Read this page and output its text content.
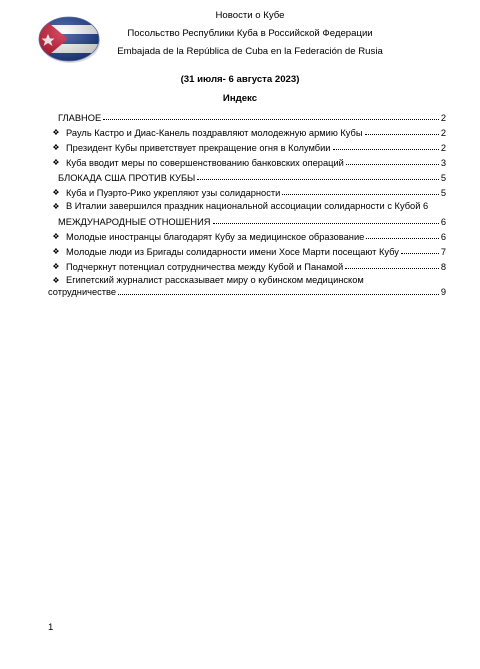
Новости о Кубе
Посольство Республики Куба в Российской Федерации
Embajada de la República de Cuba en la Federación de Rusia
(31 июля- 6 августа 2023)
Индекс
ГЛАВНОЕ	2
❖ Рауль Кастро и Диас-Канель поздравляют молодежную армию Кубы	2
❖ Президент Кубы приветствует прекращение огня в Колумбии	2
❖ Куба вводит меры по совершенствованию банковских операций	3
БЛОКАДА США ПРОТИВ КУБЫ	5
❖ Куба и Пуэрто-Рико укрепляют узы солидарности	5
❖ В Италии завершился праздник национальной ассоциации солидарности с Кубой 6
МЕЖДУНАРОДНЫЕ ОТНОШЕНИЯ	6
❖ Молодые иностранцы благодарят Кубу за медицинское образование	6
❖ Молодые люди из Бригады солидарности имени Хосе Марти посещают Кубу	7
❖ Подчеркнут потенциал сотрудничества между Кубой и Панамой	8
❖ Египетский журналист рассказывает миру о кубинском медицинском
сотрудничестве	9
1
